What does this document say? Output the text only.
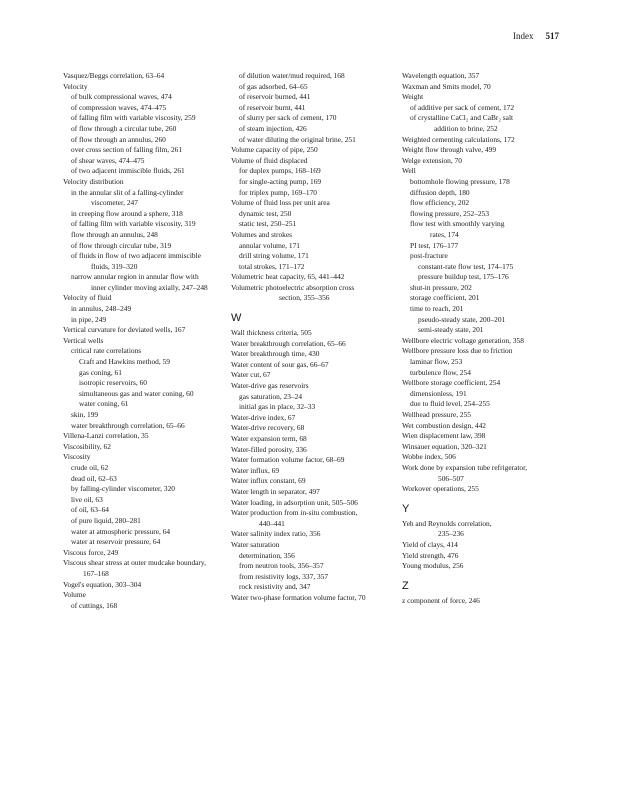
Index 517
Vasquez/Beggs correlation, 63–64
Velocity
of bulk compressional waves, 474
of compression waves, 474–475
of falling film with variable viscosity, 259
of flow through a circular tube, 260
of flow through an annulus, 260
over cross section of falling film, 261
of shear waves, 474–475
of two adjacent immiscible fluids, 261
Velocity distribution
in the annular slit of a falling-cylinder
viscometer, 247
in creeping flow around a sphere, 318
of falling film with variable viscosity, 319
flow through an annulus, 248
of flow through circular tube, 319
of fluids in flow of two adjacent immiscible
fluids, 319–320
narrow annular region in annular flow with
inner cylinder moving axially, 247–248
Velocity of fluid
in annulus, 248–249
in pipe, 249
Vertical curvature for deviated wells, 167
Vertical wells
critical rate correlations
Craft and Hawkins method, 59
gas coning, 61
isotropic reservoirs, 60
simultaneous gas and water coning, 60
water coning, 61
skin, 199
water breakthrough correlation, 65–66
Villena-Lanzi correlation, 35
Viscosibility, 62
Viscosity
crude oil, 62
dead oil, 62–63
by falling-cylinder viscometer, 320
live oil, 63
of oil, 63–64
of pure liquid, 280–281
water at atmospheric pressure, 64
water at reservoir pressure, 64
Viscous force, 249
Viscous shear stress at outer mudcake boundary,
167–168
Vogel's equation, 303–304
Volume
of cuttings, 168
of dilution water/mud required, 168
of gas adsorbed, 64–65
of reservoir burned, 441
of reservoir burnt, 441
of slurry per sack of cement, 170
of steam injection, 426
of water diluting the original brine, 251
Volume capacity of pipe, 250
Volume of fluid displaced
for duplex pumps, 168–169
for single-acting pump, 169
for triplex pump, 169–170
Volume of fluid loss per unit area
dynamic test, 250
static test, 250–251
Volumes and strokes
annular volume, 171
drill string volume, 171
total strokes, 171–172
Volumetric heat capacity, 65, 441–442
Volumetric photoelectric absorption cross
section, 355–356
W
Wall thickness criteria, 505
Water breakthrough correlation, 65–66
Water breakthrough time, 430
Water content of sour gas, 66–67
Water cut, 67
Water-drive gas reservoirs
gas saturation, 23–24
initial gas in place, 32–33
Water-drive index, 67
Water-drive recovery, 68
Water expansion term, 68
Water-filled porosity, 336
Water formation volume factor, 68–69
Water influx, 69
Water influx constant, 69
Water length in separator, 497
Water loading, in adsorption unit, 505–506
Water production from in-situ combustion,
440–441
Water salinity index ratio, 356
Water saturation
determination, 356
from neutron tools, 356–357
from resistivity logs, 337, 357
rock resistivity and, 347
Water two-phase formation volume factor, 70
Wavelength equation, 357
Waxman and Smits model, 70
Weight
of additive per sack of cement, 172
of crystalline CaCl₂ and CaBr₂ salt
addition to brine, 252
Weighted cementing calculations, 172
Weight flow through valve, 499
Welge extension, 70
Well
bottomhole flowing pressure, 178
diffusion depth, 180
flow efficiency, 202
flowing pressure, 252–253
flow test with smoothly varying
rates, 174
PI test, 176–177
post-fracture
constant-rate flow test, 174–175
pressure buildup test, 175–176
shut-in pressure, 202
storage coefficient, 201
time to reach, 201
pseudo-steady state, 200–201
semi-steady state, 201
Wellbore electric voltage generation, 358
Wellbore pressure loss due to friction
laminar flow, 253
turbulence flow, 254
Wellbore storage coefficient, 254
dimensionless, 191
due to fluid level, 254–255
Wellhead pressure, 255
Wet combustion design, 442
Wien displacement law, 398
Winsauer equation, 320–321
Wobbe index, 506
Work done by expansion tube refrigerator,
506–507
Workover operations, 255
Y
Yeh and Reynolds correlation,
235–236
Yield of clays, 414
Yield strength, 476
Young modulus, 256
Z
z component of force, 246
